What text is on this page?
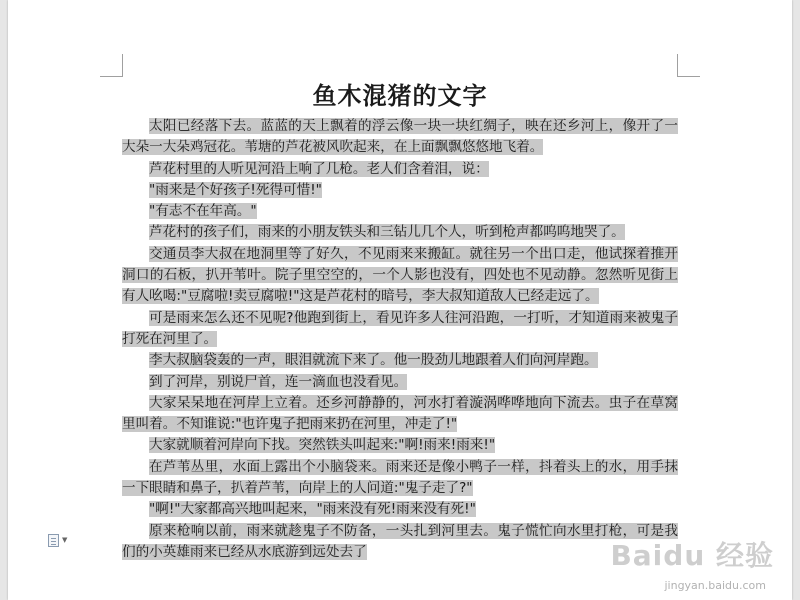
鱼木混猪的文字

太阳已经落下去。蓝蓝的天上飘着的浮云像一块一块红绸子，映在还乡河上，像开了一大朵一大朵鸡冠花。苇塘的芦花被风吹起来，在上面飘飘悠悠地飞着。

芦花村里的人听见河沿上响了几枪。老人们含着泪，说：

"雨来是个好孩子!死得可惜!"

"有志不在年高。"

芦花村的孩子们，雨来的小朋友铁头和三钻儿几个人，听到枪声都呜呜地哭了。

交通员李大叔在地洞里等了好久，不见雨来来搬缸。就往另一个出口走，他试探着推开洞口的石板，扒开苇叶。院子里空空的，一个人影也没有，四处也不见动静。忽然听见街上有人吆喝:"豆腐啦!卖豆腐啦!"这是芦花村的暗号，李大叔知道敌人已经走远了。

可是雨来怎么还不见呢?他跑到街上，看见许多人往河沿跑，一打听，才知道雨来被鬼子打死在河里了。

李大叔脑袋轰的一声，眼泪就流下来了。他一股劲儿地跟着人们向河岸跑。

到了河岸，别说尸首，连一滴血也没看见。

大家呆呆地在河岸上立着。还乡河静静的，河水打着漩涡哗哗地向下流去。虫子在草窝里叫着。不知谁说:"也许鬼子把雨来扔在河里，冲走了!"

大家就顺着河岸向下找。突然铁头叫起来:"啊!雨来!雨来!"

在芦苇丛里，水面上露出个小脑袋来。雨来还是像小鸭子一样，抖着头上的水，用手抹一下眼睛和鼻子，扒着芦苇，向岸上的人问道:"鬼子走了?"

"啊!"大家都高兴地叫起来，"雨来没有死!雨来没有死!"

原来枪响以前，雨来就趁鬼子不防备，一头扎到河里去。鬼子慌忙向水里打枪，可是我们的小英雄雨来已经从水底游到远处去了	Baidu 经验
jingyan.baidu.com
▼
